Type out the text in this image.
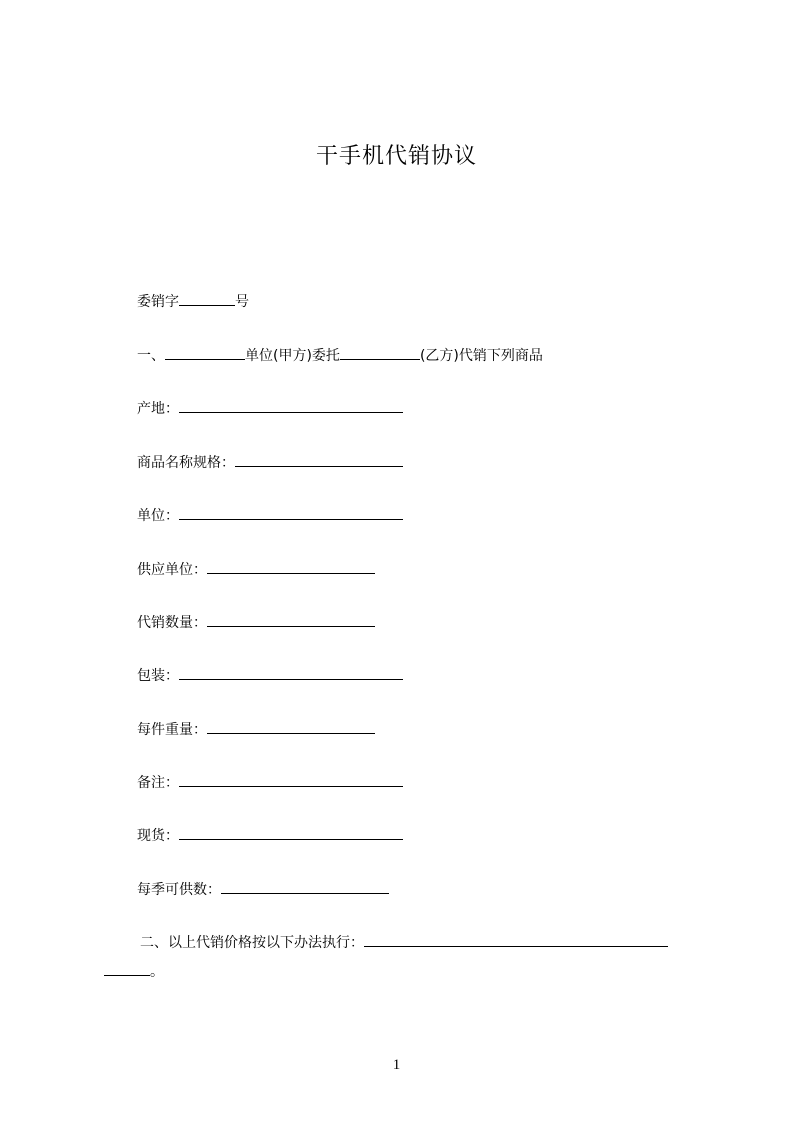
干手机代销协议
委销字	号
一、	单位(甲方)委托	(乙方)代销下列商品
产地：
商品名称规格：
单位：
供应单位：
代销数量：
包装：
每件重量：
备注：
现货：
每季可供数：
二、以上代销价格按以下办法执行：
。
1
